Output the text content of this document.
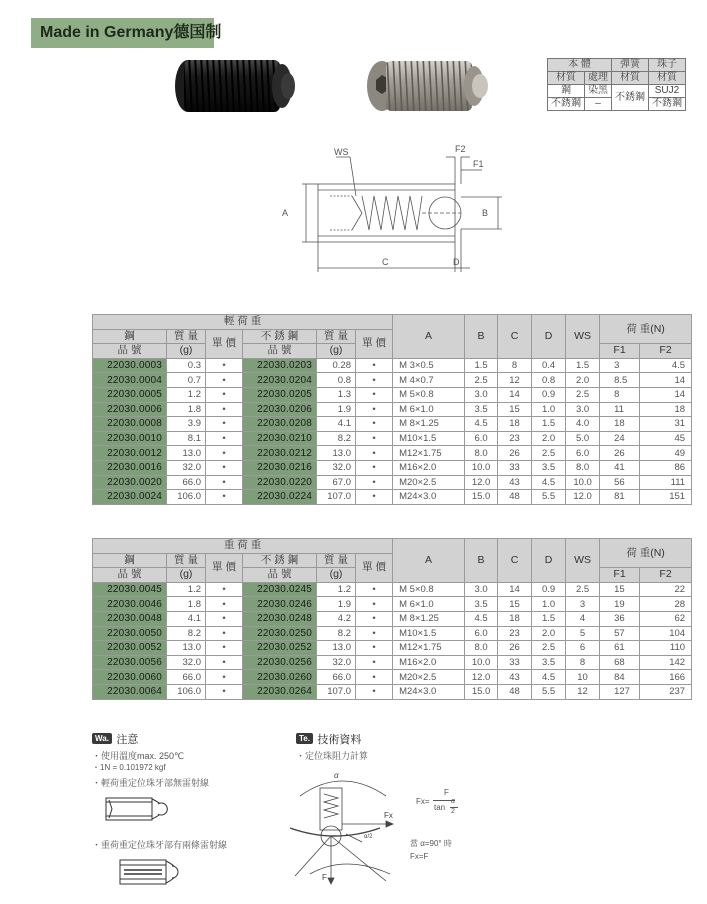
Made in Germany德国制
本 體		彈簧	珠子
材質	處理	材質	材質
鋼	染黑	不銹鋼	SUJ2
不銹鋼	–		不銹鋼
WS	F2
F1
A	B
C	D
輕 荷 重						A	B	C	D	WS	荷 重(N)	
鋼	質 量	單 價	不 銹 鋼	質 量	單 價							
品 號	(g)		品 號	(g)							F1	F2
22030.0003	0.3	•	22030.0203	0.28	•	M 3×0.5	1.5	8	0.4	1.5	3	4.5
22030.0004	0.7	•	22030.0204	0.8	•	M 4×0.7	2.5	12	0.8	2.0	8.5	14
22030.0005	1.2	•	22030.0205	1.3	•	M 5×0.8	3.0	14	0.9	2.5	8	14
22030.0006	1.8	•	22030.0206	1.9	•	M 6×1.0	3.5	15	1.0	3.0	11	18
22030.0008	3.9	•	22030.0208	4.1	•	M 8×1.25	4.5	18	1.5	4.0	18	31
22030.0010	8.1	•	22030.0210	8.2	•	M10×1.5	6.0	23	2.0	5.0	24	45
22030.0012	13.0	•	22030.0212	13.0	•	M12×1.75	8.0	26	2.5	6.0	26	49
22030.0016	32.0	•	22030.0216	32.0	•	M16×2.0	10.0	33	3.5	8.0	41	86
22030.0020	66.0	•	22030.0220	67.0	•	M20×2.5	12.0	43	4.5	10.0	56	111
22030.0024	106.0	•	22030.0224	107.0	•	M24×3.0	15.0	48	5.5	12.0	81	151
重 荷 重						A	B	C	D	WS	荷 重(N)	
鋼	質 量	單 價	不 銹 鋼	質 量	單 價							
品 號	(g)		品 號	(g)							F1	F2
22030.0045	1.2	•	22030.0245	1.2	•	M 5×0.8	3.0	14	0.9	2.5	15	22
22030.0046	1.8	•	22030.0246	1.9	•	M 6×1.0	3.5	15	1.0	3	19	28
22030.0048	4.1	•	22030.0248	4.2	•	M 8×1.25	4.5	18	1.5	4	36	62
22030.0050	8.2	•	22030.0250	8.2	•	M10×1.5	6.0	23	2.0	5	57	104
22030.0052	13.0	•	22030.0252	13.0	•	M12×1.75	8.0	26	2.5	6	61	110
22030.0056	32.0	•	22030.0256	32.0	•	M16×2.0	10.0	33	3.5	8	68	142
22030.0060	66.0	•	22030.0260	66.0	•	M20×2.5	12.0	43	4.5	10	84	166
22030.0064	106.0	•	22030.0264	107.0	•	M24×3.0	15.0	48	5.5	12	127	237
Wa. 注意
・使用溫度max. 250℃
・1N = 0.101972 kgf
・輕荷重定位珠牙部無雷射線
・重荷重定位珠牙部有兩條雷射線
Te. 技術資料
・定位珠阻力計算
α
Fx
F
α/2
Fx=
F
tan
α
2
當 α=90° 時
Fx=F
